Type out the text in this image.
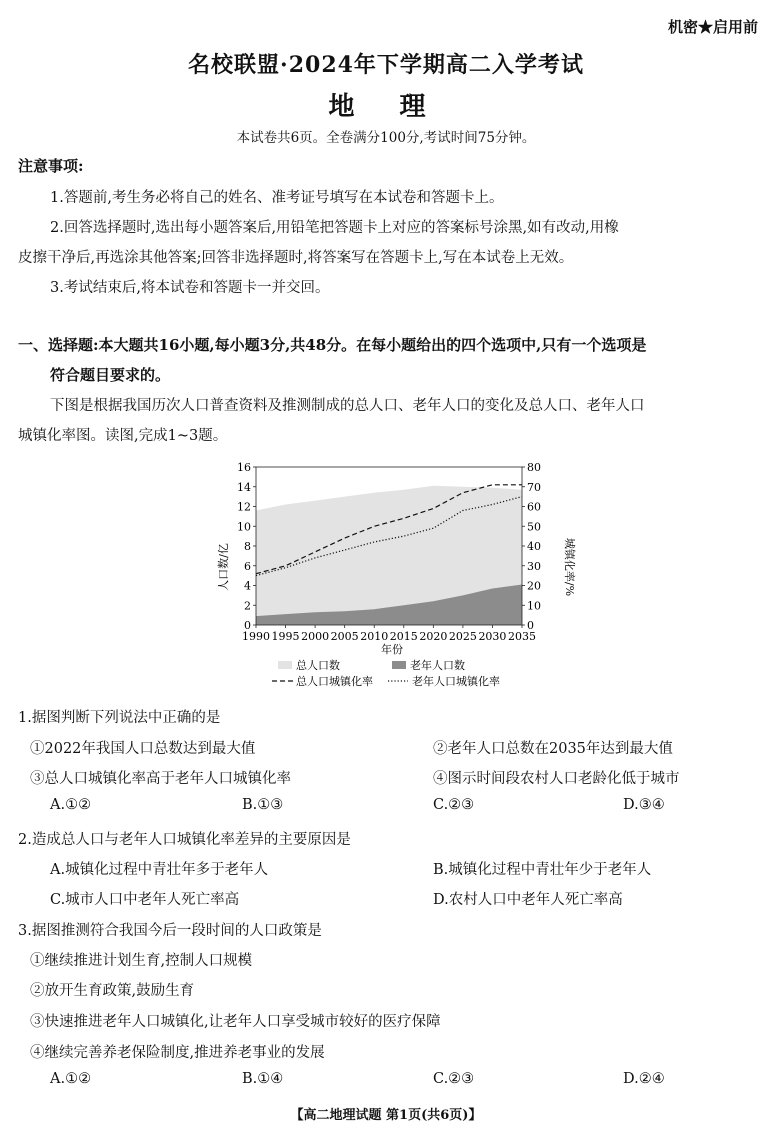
机密★启用前
名校联盟·2024年下学期高二入学考试
地 理
本试卷共6页。全卷满分100分,考试时间75分钟。
注意事项:
1.答题前,考生务必将自己的姓名、准考证号填写在本试卷和答题卡上。
2.回答选择题时,选出每小题答案后,用铅笔把答题卡上对应的答案标号涂黑,如有改动,用橡
皮擦干净后,再选涂其他答案;回答非选择题时,将答案写在答题卡上,写在本试卷上无效。
3.考试结束后,将本试卷和答题卡一并交回。
一、选择题:本大题共16小题,每小题3分,共48分。在每小题给出的四个选项中,只有一个选项是
符合题目要求的。
下图是根据我国历次人口普查资料及推测制成的总人口、老年人口的变化及总人口、老年人口
城镇化率图。读图,完成1~3题。
0
2
4
6
8
10
12
14
16
0
10
20
30
40
50
60
70
80
1990 1995 2000 2005 2010 2015 2020 2025 2030 2035
人口数/亿	城镇化率/%
年份
总人口数	老年人口数
总人口城镇化率	老年人口城镇化率
1.据图判断下列说法中正确的是
①2022年我国人口总数达到最大值	②老年人口总数在2035年达到最大值
③总人口城镇化率高于老年人口城镇化率	④图示时间段农村人口老龄化低于城市
A.①②	B.①③	C.②③	D.③④
2.造成总人口与老年人口城镇化率差异的主要原因是
A.城镇化过程中青壮年多于老年人	B.城镇化过程中青壮年少于老年人
C.城市人口中老年人死亡率高	D.农村人口中老年人死亡率高
3.据图推测符合我国今后一段时间的人口政策是
①继续推进计划生育,控制人口规模
②放开生育政策,鼓励生育
③快速推进老年人口城镇化,让老年人口享受城市较好的医疗保障
④继续完善养老保险制度,推进养老事业的发展
A.①②	B.①④	C.②③	D.②④
【高二地理试题 第1页(共6页)】
